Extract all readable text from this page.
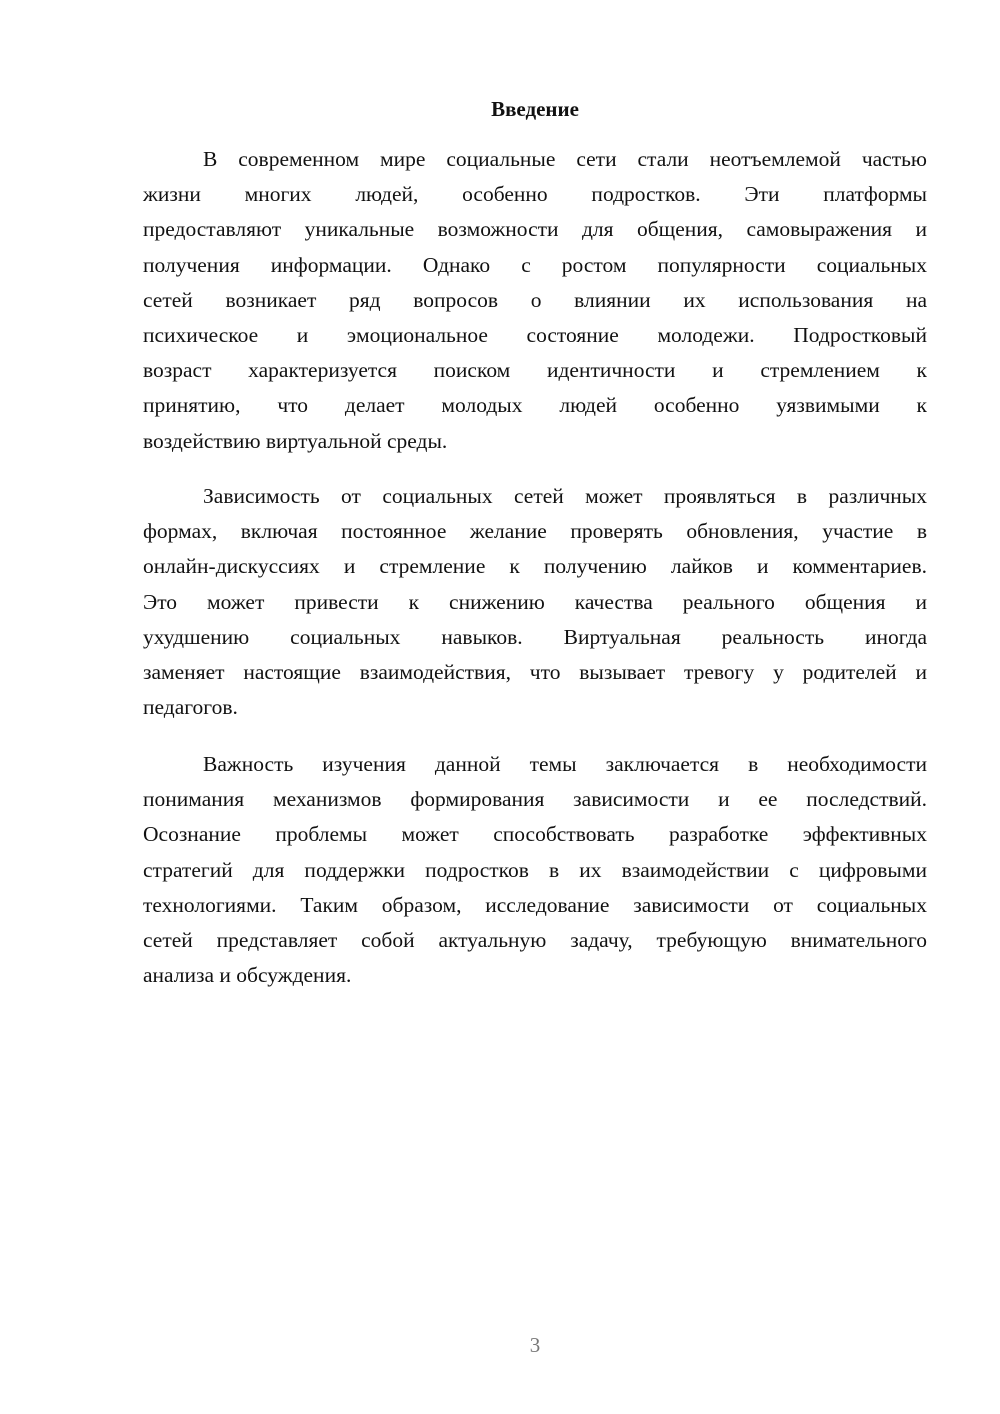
Введение
В современном мире социальные сети стали неотъемлемой частью
жизни многих людей, особенно подростков. Эти платформы
предоставляют уникальные возможности для общения, самовыражения и
получения информации. Однако с ростом популярности социальных
сетей возникает ряд вопросов о влиянии их использования на
психическое и эмоциональное состояние молодежи. Подростковый
возраст характеризуется поиском идентичности и стремлением к
принятию, что делает молодых людей особенно уязвимыми к
воздействию виртуальной среды.
Зависимость от социальных сетей может проявляться в различных
формах, включая постоянное желание проверять обновления, участие в
онлайн-дискуссиях и стремление к получению лайков и комментариев.
Это может привести к снижению качества реального общения и
ухудшению социальных навыков. Виртуальная реальность иногда
заменяет настоящие взаимодействия, что вызывает тревогу у родителей и
педагогов.
Важность изучения данной темы заключается в необходимости
понимания механизмов формирования зависимости и ее последствий.
Осознание проблемы может способствовать разработке эффективных
стратегий для поддержки подростков в их взаимодействии с цифровыми
технологиями. Таким образом, исследование зависимости от социальных
сетей представляет собой актуальную задачу, требующую внимательного
анализа и обсуждения.
3
